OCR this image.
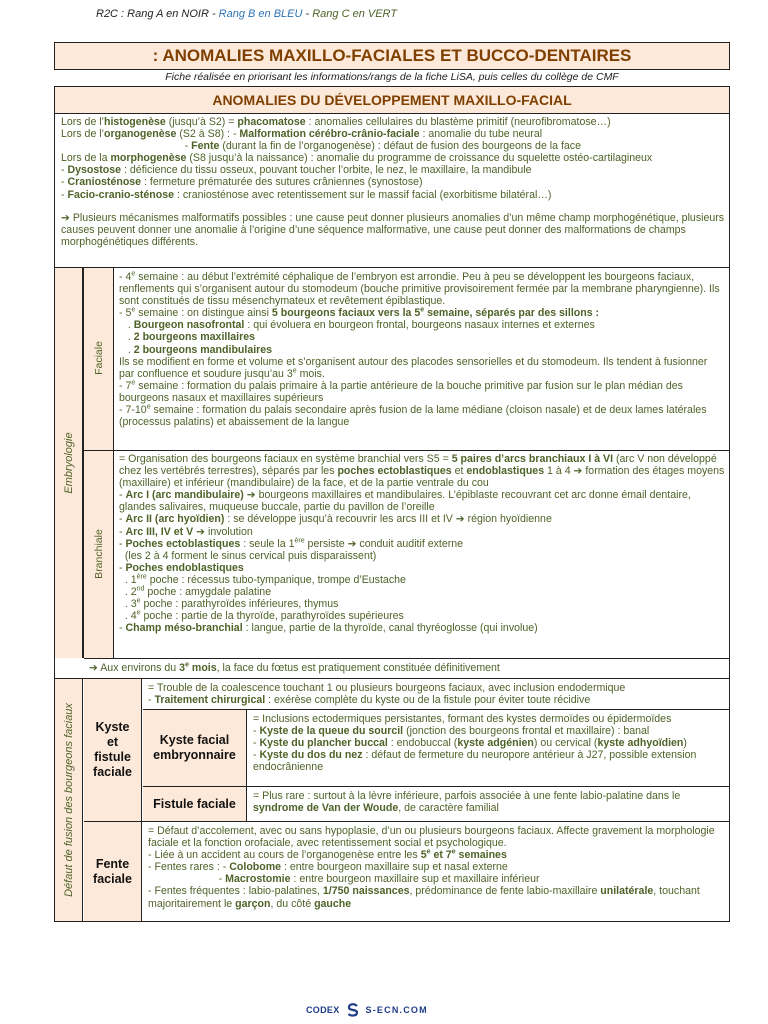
R2C : Rang A en NOIR - Rang B en BLEU - Rang C en VERT
: ANOMALIES MAXILLO-FACIALES ET BUCCO-DENTAIRES
Fiche réalisée en priorisant les informations/rangs de la fiche LiSA, puis celles du collège de CMF
ANOMALIES DU DÉVELOPPEMENT MAXILLO-FACIAL

Lors de l’histogenèse (jusqu’à S2) = phacomatose : anomalies cellulaires du blastème primitif (neurofibromatose…)

Lors de l’organogenèse (S2 à S8) : - Malformation cérébro-crânio-faciale : anomalie du tube neural

- Fente (durant la fin de l’organogenèse) : défaut de fusion des bourgeons de la face

Lors de la morphogenèse (S8 jusqu’à la naissance) : anomalie du programme de croissance du squelette ostéo-cartilagineux

- Dysostose : déficience du tissu osseux, pouvant toucher l’orbite, le nez, le maxillaire, la mandibule

- Craniosténose : fermeture prématurée des sutures crâniennes (synostose)

- Facio-cranio-sténose : craniosténose avec retentissement sur le massif facial (exorbitisme bilatéral…)

➔ Plusieurs mécanismes malformatifs possibles : une cause peut donner plusieurs anomalies d’un même champ morphogénétique, plusieurs causes peuvent donner une anomalie à l’origine d’une séquence malformative, une cause peut donner des malformations de champs morphogénétiques différents.

Embryologie
Faciale

- 4e semaine : au début l’extrémité céphalique de l’embryon est arrondie. Peu à peu se développent les bourgeons faciaux, renflements qui s’organisent autour du stomodeum (bouche primitive provisoirement fermée par la membrane pharyngienne). Ils sont constitués de tissu mésenchymateux et revêtement épiblastique.

- 5e semaine : on distingue ainsi 5 bourgeons faciaux vers la 5e semaine, séparés par des sillons :

. Bourgeon nasofrontal : qui évoluera en bourgeon frontal, bourgeons nasaux internes et externes

. 2 bourgeons maxillaires

. 2 bourgeons mandibulaires

Ils se modifient en forme et volume et s’organisent autour des placodes sensorielles et du stomodeum. Ils tendent à fusionner par confluence et soudure jusqu’au 3e mois.

- 7e semaine : formation du palais primaire à la partie antérieure de la bouche primitive par fusion sur le plan médian des bourgeons nasaux et maxillaires supérieurs

- 7-10e semaine : formation du palais secondaire après fusion de la lame médiane (cloison nasale) et de deux lames latérales (processus palatins) et abaissement de la langue

Branchiale

= Organisation des bourgeons faciaux en système branchial vers S5 = 5 paires d’arcs branchiaux I à VI (arc V non développé chez les vertébrés terrestres), séparés par les poches ectoblastiques et endoblastiques 1 à 4 ➔ formation des étages moyens (maxillaire) et inférieur (mandibulaire) de la face, et de la partie ventrale du cou

- Arc I (arc mandibulaire) ➔ bourgeons maxillaires et mandibulaires. L’épiblaste recouvrant cet arc donne émail dentaire, glandes salivaires, muqueuse buccale, partie du pavillon de l’oreille

- Arc II (arc hyoïdien) : se développe jusqu’à recouvrir les arcs III et IV ➔ région hyoïdienne

- Arc III, IV et V ➔ involution

- Poches ectoblastiques : seule la 1ère persiste ➔ conduit auditif externe

(les 2 à 4 forment le sinus cervical puis disparaissent)

- Poches endoblastiques

. 1ère poche : récessus tubo-tympanique, trompe d’Eustache

. 2nd poche : amygdale palatine

. 3e poche : parathyroïdes inférieures, thymus

. 4e poche : partie de la thyroïde, parathyroïdes supérieures

- Champ méso-branchial : langue, partie de la thyroïde, canal thyréoglosse (qui involue)

➔ Aux environs du 3e mois, la face du fœtus est pratiquement constituée définitivement
Défaut de fusion des bourgeons faciaux	Kyste et fistule faciale

= Trouble de la coalescence touchant 1 ou plusieurs bourgeons faciaux, avec inclusion endodermique

- Traitement chirurgical : exérèse complète du kyste ou de la fistule pour éviter toute récidive

Kyste facial embryonnaire

= Inclusions ectodermiques persistantes, formant des kystes dermoïdes ou épidermoïdes

- Kyste de la queue du sourcil (jonction des bourgeons frontal et maxillaire) : banal

- Kyste du plancher buccal : endobuccal (kyste adgénien) ou cervical (kyste adhyoïdien)

- Kyste du dos du nez : défaut de fermeture du neuropore antérieur à J27, possible extension endocrânienne

Fistule faciale

= Plus rare : surtout à la lèvre inférieure, parfois associée à une fente labio-palatine dans le syndrome de Van der Woude, de caractère familial

Fente faciale

= Défaut d’accolement, avec ou sans hypoplasie, d’un ou plusieurs bourgeons faciaux. Affecte gravement la morphologie faciale et la fonction orofaciale, avec retentissement social et psychologique.

- Liée à un accident au cours de l’organogenèse entre les 5e et 7e semaines

- Fentes rares : - Colobome : entre bourgeon maxillaire sup et nasal externe

- Macrostomie : entre bourgeon maxillaire sup et maxillaire inférieur

- Fentes fréquentes : labio-palatines, 1/750 naissances, prédominance de fente labio-maxillaire unilatérale, touchant majoritairement le garçon, du côté gauche

CODEX	S-ECN.COM
